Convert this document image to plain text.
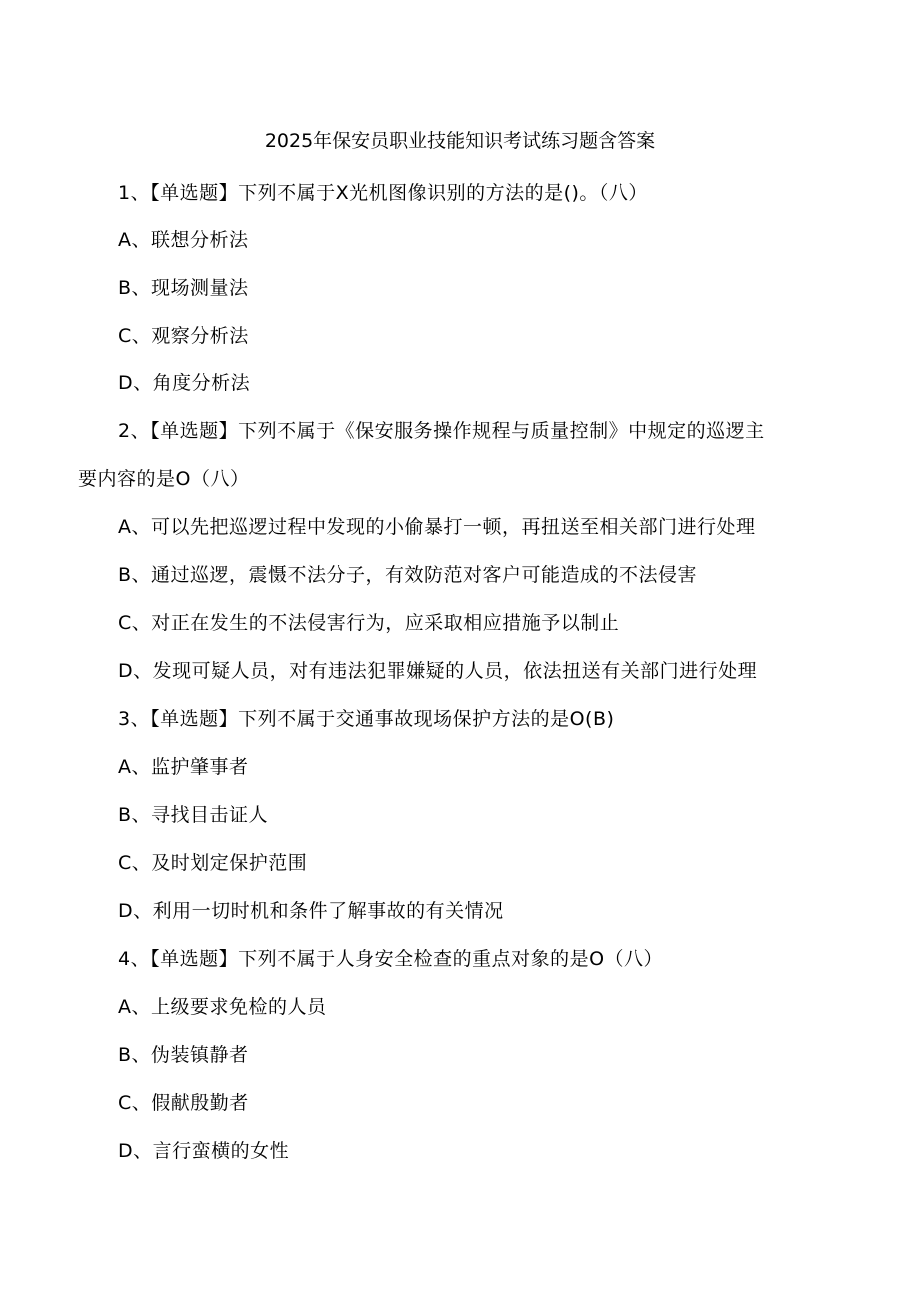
2025年保安员职业技能知识考试练习题含答案
1、【单选题】下列不属于X光机图像识别的方法的是()。（八）
A、联想分析法
B、现场测量法
C、观察分析法
D、角度分析法
2、【单选题】下列不属于《保安服务操作规程与质量控制》中规定的巡逻主
要内容的是O（八）
A、可以先把巡逻过程中发现的小偷暴打一顿，再扭送至相关部门进行处理
B、通过巡逻，震慑不法分子，有效防范对客户可能造成的不法侵害
C、对正在发生的不法侵害行为，应采取相应措施予以制止
D、发现可疑人员，对有违法犯罪嫌疑的人员，依法扭送有关部门进行处理
3、【单选题】下列不属于交通事故现场保护方法的是O(B)
A、监护肇事者
B、寻找目击证人
C、及时划定保护范围
D、利用一切时机和条件了解事故的有关情况
4、【单选题】下列不属于人身安全检查的重点对象的是O（八）
A、上级要求免检的人员
B、伪装镇静者
C、假献殷勤者
D、言行蛮横的女性
